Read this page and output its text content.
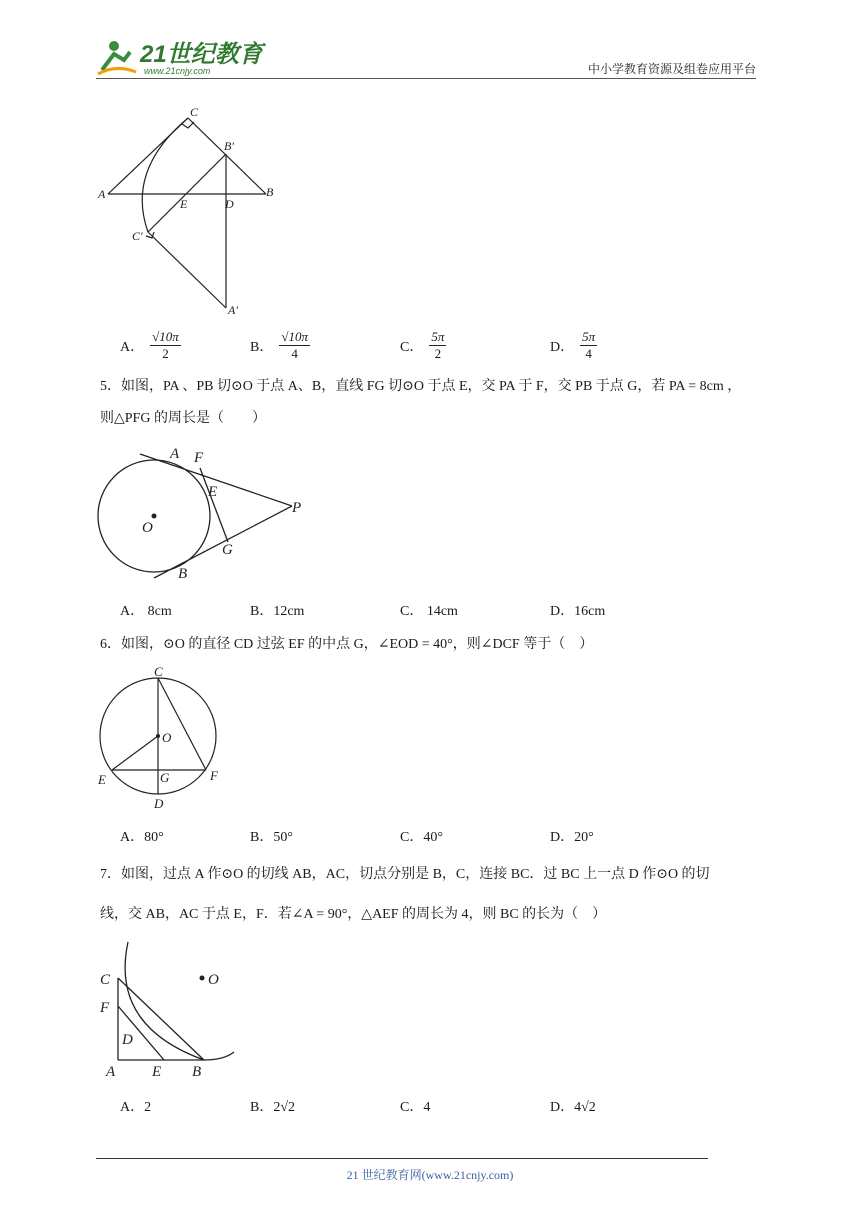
21世纪教育
www.21cnjy.com	中小学教育资源及组卷应用平台
C
B′
A	B
E	D
C′
A′
A． $\frac{√10\pi}{2}$	B． $\frac{√10\pi}{4}$	C． $\frac{5\pi}{2}$	D． $\frac{5\pi}{4}$
5．如图，PA 、PB 切⊙O 于点 A、B，直线 FG 切⊙O 于点 E，交 PA 于 F，交 PB 于点 G，若 PA = 8cm ，
则△PFG 的周长是（　　）
A F
E
P
O
G
B
A． 8cm	B．12cm	C． 14cm	D．16cm
6．如图，⊙O 的直径 CD 过弦 EF 的中点 G，∠EOD = 40°，则∠DCF 等于（　）
C
O
E	G	F
D
A．80°	B．50°	C．40°	D．20°
7．如图，过点 A 作⊙O 的切线 AB，AC，切点分别是 B，C，连接 BC．过 BC 上一点 D 作⊙O 的切
线，交 AB，AC 于点 E，F．若∠A = 90°，△AEF 的周长为 4，则 BC 的长为（　）
O
C
F
D
A E B
A．2	B．2√2	C．4	D．4√2
21 世纪教育网(www.21cnjy.com)
